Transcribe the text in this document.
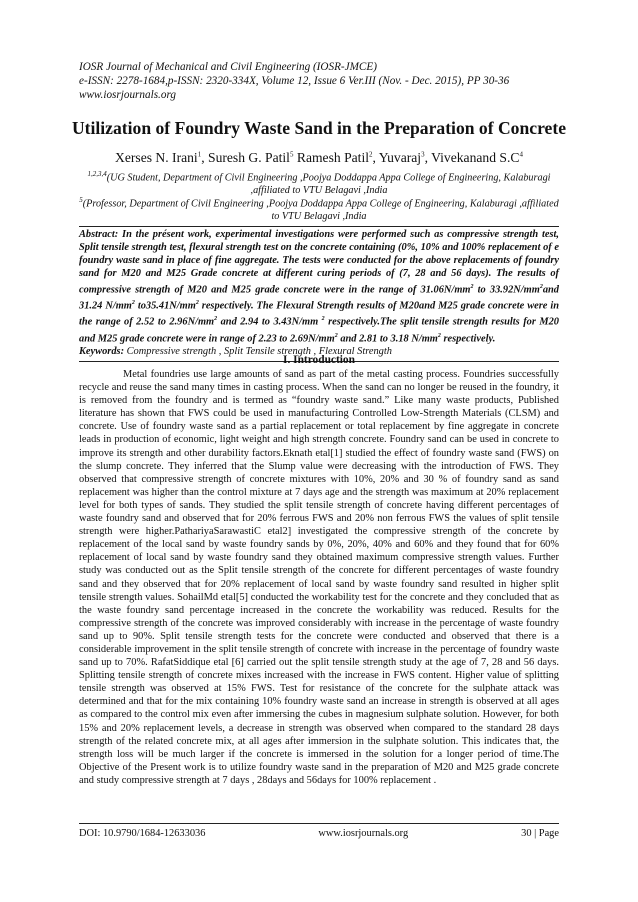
IOSR Journal of Mechanical and Civil Engineering (IOSR-JMCE)
e-ISSN: 2278-1684,p-ISSN: 2320-334X, Volume 12, Issue 6 Ver.III (Nov. - Dec. 2015), PP 30-36
www.iosrjournals.org
Utilization of Foundry Waste Sand in the Preparation of Concrete
Xerses N. Irani$^1$, Suresh G. Patil$^5$ Ramesh Patil$^2$, Yuvaraj$^3$, Vivekanand $S.C^4$
$^{1,2,3,4}$(UG Student, Department of Civil Engineering ,Poojya Doddappa Appa College of Engineering, Kalaburagi ,affiliated to VTU Belagavi ,India
$^5$(Professor, Department of Civil Engineering ,Poojya Doddappa Appa College of Engineering, Kalaburagi ,affiliated to VTU Belagavi ,India
Abstract: In the présent work, experimental investigations were performed such as compressive strength test, Split tensile strength test, flexural strength test on the concrete containing (0%, 10% and 100% replacement of e foundry waste sand in place of fine aggregate. The tests were conducted for the above replacements of foundry sand for M20 and M25 Grade concrete at different curing periods of (7, 28 and 56 days). The results of compressive strength of M20 and M25 grade concrete were in the range of $31.06N/mm^2$ to $33.92N/mm^2and$ 31.24 $N/mm^2$ $to35.41N/mm^2$ respectively. The Flexural Strength results of M20and M25 grade concrete were in the range of 2.52 to $2.96N/mm^2$ and 2.94 to 3.43N/mm $^2$ respectively.The split tensile strength results for M20 and M25 grade concrete were in range of 2.23 to $2.69N/mm^2$ and 2.81 to 3.18 $N/mm^2$ respectively.
Keywords: Compressive strength , Split Tensile strength , Flexural Strength
I. Introduction

Metal foundries use large amounts of sand as part of the metal casting process. Foundries successfully recycle and reuse the sand many times in casting process. When the sand can no longer be reused in the foundry, it is removed from the foundry and is termed as “foundry waste sand.” Like many waste products, Published literature has shown that FWS could be used in manufacturing Controlled Low-Strength Materials (CLSM) and concrete. Use of foundry waste sand as a partial replacement or total replacement by fine aggregate in concrete leads in production of economic, light weight and high strength concrete. Foundry sand can be used in concrete to improve its strength and other durability factors.Eknath etal[1] studied the effect of foundry waste sand (FWS) on the slump concrete. They inferred that the Slump value were decreasing with the introduction of FWS. They observed that compressive strength of concrete mixtures with 10%, 20% and 30 % of foundry sand as sand replacement was higher than the control mixture at 7 days age and the strength was maximum at 20% replacement level for both types of sands. They studied the split tensile strength of concrete having different percentages of waste foundry sand and observed that for 20% ferrous FWS and 20% non ferrous FWS the values of split tensile strength were higher.PathariyaSarawastiC etal2] investigated the compressive strength of the concrete by replacement of the local sand by waste foundry sands by 0%, 20%, 40% and 60% and they found that for 60% replacement of local sand by waste foundry sand they obtained maximum compressive strength values. Further study was conducted out as the Split tensile strength of the concrete for different percentages of waste foundry sand and they observed that for 20% replacement of local sand by waste foundry sand resulted in higher split tensile strength values. SohailMd etal[5] conducted the workability test for the concrete and they concluded that as the waste foundry sand percentage increased in the concrete the workability was reduced. Results for the compressive strength of the concrete was improved considerably with increase in the percentage of waste foundry sand up to 90%. Split tensile strength tests for the concrete were conducted and observed that there is a considerable improvement in the split tensile strength of concrete with increase in the percentage of foundry waste sand up to 70%. RafatSiddique etal [6] carried out the split tensile strength study at the age of 7, 28 and 56 days. Splitting tensile strength of concrete mixes increased with the increase in FWS content. Higher value of splitting tensile strength was observed at 15% FWS. Test for resistance of the concrete for the sulphate attack was determined and that for the mix containing 10% foundry waste sand an increase in strength is observed at all ages as compared to the control mix even after immersing the cubes in magnesium sulphate solution. However, for both 15% and 20% replacement levels, a decrease in strength was observed when compared to the standard 28 days strength of the related concrete mix, at all ages after immersion in the sulphate solution. This indicates that, the strength loss will be much larger if the concrete is immersed in the solution for a longer period of time.The Objective of the Present work is to utilize foundry waste sand in the preparation of M20 and M25 grade concrete and study compressive strength at 7 days , 28days and 56days for 100% replacement .

DOI: 10.9790/1684-12633036	www.iosrjournals.org	30 | Page
